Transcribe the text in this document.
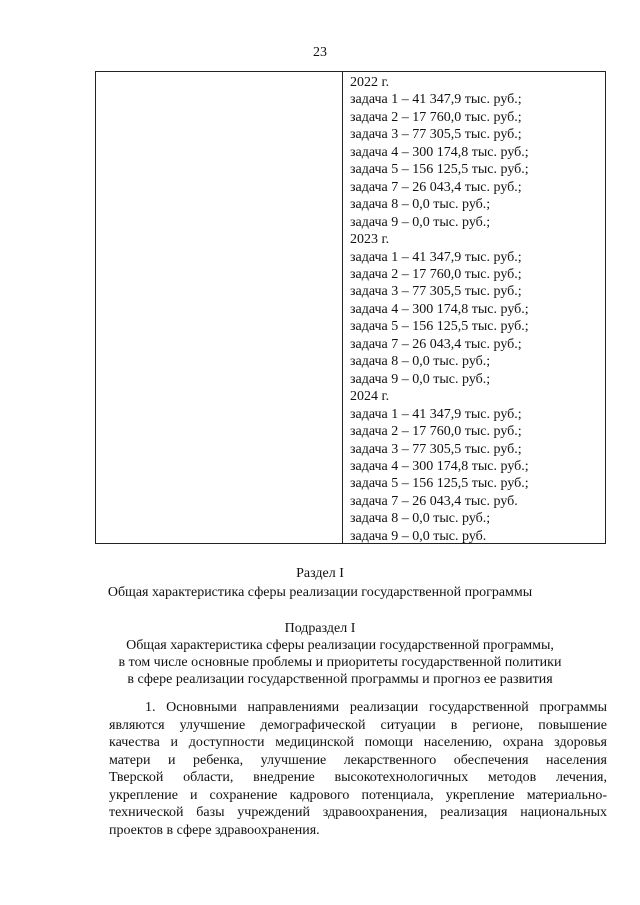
23
2022 г.
задача 1 – 41 347,9 тыс. руб.;
задача 2 – 17 760,0 тыс. руб.;
задача 3 – 77 305,5 тыс. руб.;
задача 4 – 300 174,8 тыс. руб.;
задача 5 – 156 125,5 тыс. руб.;
задача 7 – 26 043,4 тыс. руб.;
задача 8 – 0,0 тыс. руб.;
задача 9 – 0,0 тыс. руб.;
2023 г.
задача 1 – 41 347,9 тыс. руб.;
задача 2 – 17 760,0 тыс. руб.;
задача 3 – 77 305,5 тыс. руб.;
задача 4 – 300 174,8 тыс. руб.;
задача 5 – 156 125,5 тыс. руб.;
задача 7 – 26 043,4 тыс. руб.;
задача 8 – 0,0 тыс. руб.;
задача 9 – 0,0 тыс. руб.;
2024 г.
задача 1 – 41 347,9 тыс. руб.;
задача 2 – 17 760,0 тыс. руб.;
задача 3 – 77 305,5 тыс. руб.;
задача 4 – 300 174,8 тыс. руб.;
задача 5 – 156 125,5 тыс. руб.;
задача 7 – 26 043,4 тыс. руб.
задача 8 – 0,0 тыс. руб.;
задача 9 – 0,0 тыс. руб.
Раздел I
Общая характеристика сферы реализации государственной программы
Подраздел I
Общая характеристика сферы реализации государственной программы,
в том числе основные проблемы и приоритеты государственной политики
в сфере реализации государственной программы и прогноз ее развития
1. Основными направлениями реализации государственной программы
являются улучшение демографической ситуации в регионе, повышение
качества и доступности медицинской помощи населению, охрана здоровья
матери и ребенка, улучшение лекарственного обеспечения населения
Тверской области, внедрение высокотехнологичных методов лечения,
укрепление и сохранение кадрового потенциала, укрепление материально-
технической базы учреждений здравоохранения, реализация национальных
проектов в сфере здравоохранения.
